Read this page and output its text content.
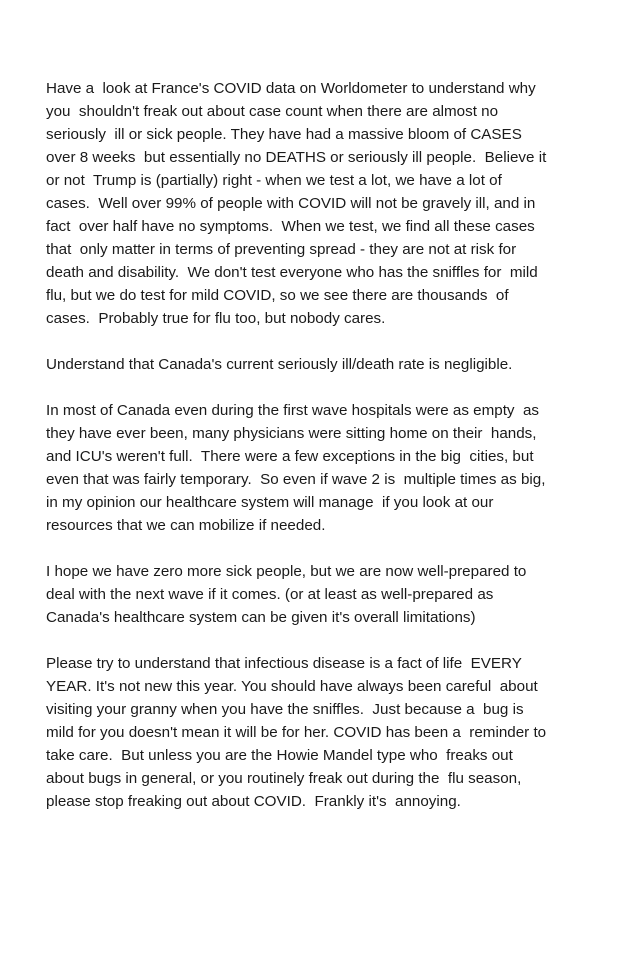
Have a  look at France's COVID data on Worldometer to understand why
you  shouldn't freak out about case count when there are almost no
seriously  ill or sick people. They have had a massive bloom of CASES
over 8 weeks  but essentially no DEATHS or seriously ill people.  Believe it
or not  Trump is (partially) right - when we test a lot, we have a lot of
cases.  Well over 99% of people with COVID will not be gravely ill, and in
fact  over half have no symptoms.  When we test, we find all these cases
that  only matter in terms of preventing spread - they are not at risk for
death and disability.  We don't test everyone who has the sniffles for  mild
flu, but we do test for mild COVID, so we see there are thousands  of
cases.  Probably true for flu too, but nobody cares.

Understand that Canada's current seriously ill/death rate is negligible.

In most of Canada even during the first wave hospitals were as empty  as
they have ever been, many physicians were sitting home on their  hands,
and ICU's weren't full.  There were a few exceptions in the big  cities, but
even that was fairly temporary.  So even if wave 2 is  multiple times as big,
in my opinion our healthcare system will manage  if you look at our
resources that we can mobilize if needed.

I hope we have zero more sick people, but we are now well-prepared to
deal with the next wave if it comes. (or at least as well-prepared as
Canada's healthcare system can be given it's overall limitations)

Please try to understand that infectious disease is a fact of life  EVERY
YEAR. It's not new this year. You should have always been careful  about
visiting your granny when you have the sniffles.  Just because a  bug is
mild for you doesn't mean it will be for her. COVID has been a  reminder to
take care.  But unless you are the Howie Mandel type who  freaks out
about bugs in general, or you routinely freak out during the  flu season,
please stop freaking out about COVID.  Frankly it's  annoying.
